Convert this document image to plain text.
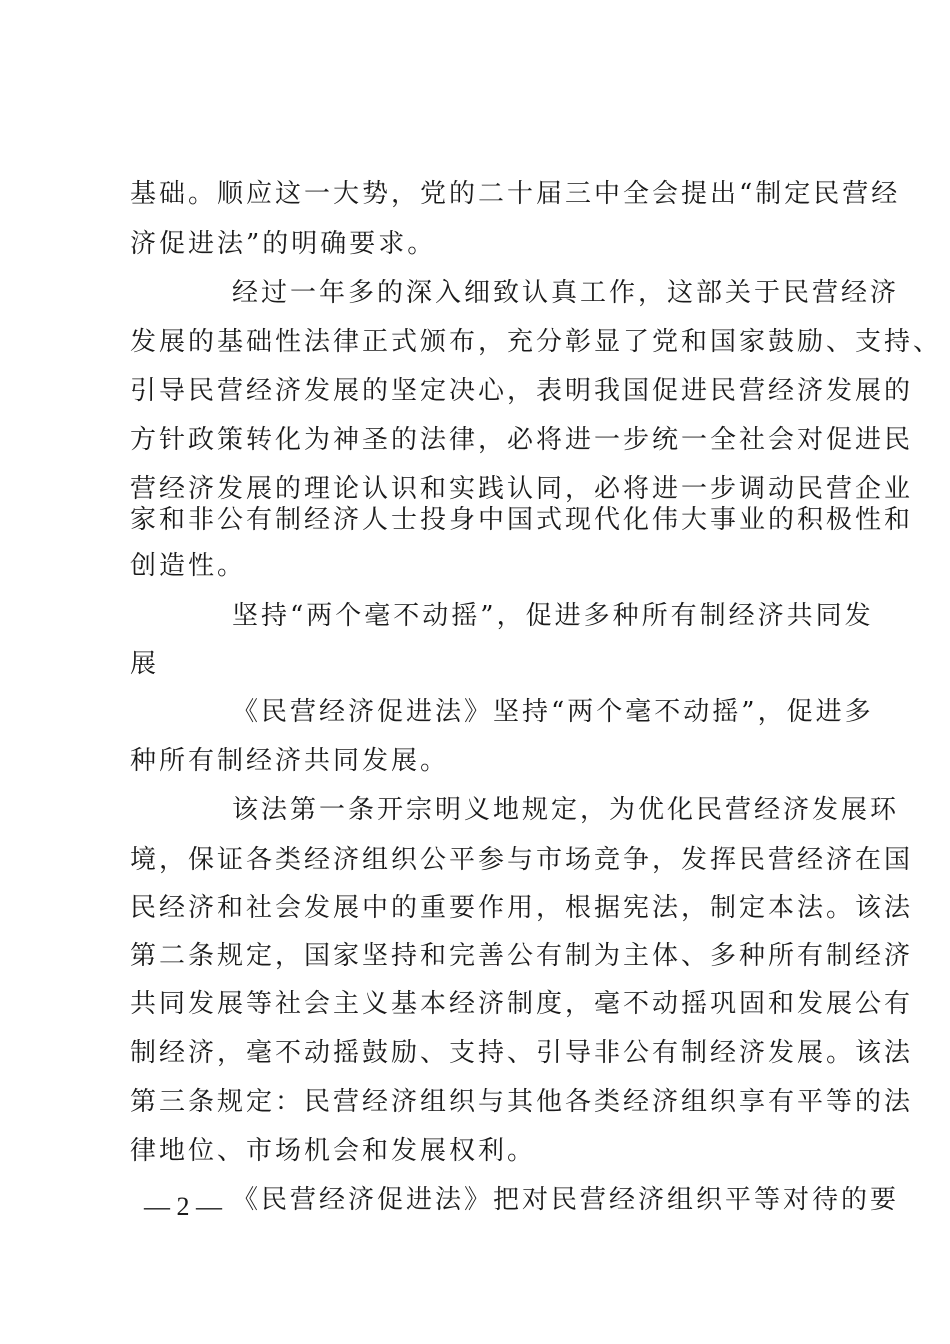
基础。顺应这一大势，党的二十届三中全会提出“制定民营经
济促进法”的明确要求。
经过一年多的深入细致认真工作，这部关于民营经济
发展的基础性法律正式颁布，充分彰显了党和国家鼓励、支持、
引导民营经济发展的坚定决心，表明我国促进民营经济发展的
方针政策转化为神圣的法律，必将进一步统一全社会对促进民
营经济发展的理论认识和实践认同，必将进一步调动民营企业
家和非公有制经济人士投身中国式现代化伟大事业的积极性和
创造性。
坚持“两个毫不动摇”，促进多种所有制经济共同发
展
《民营经济促进法》坚持“两个毫不动摇”，促进多
种所有制经济共同发展。
该法第一条开宗明义地规定，为优化民营经济发展环
境，保证各类经济组织公平参与市场竞争，发挥民营经济在国
民经济和社会发展中的重要作用，根据宪法，制定本法。该法
第二条规定，国家坚持和完善公有制为主体、多种所有制经济
共同发展等社会主义基本经济制度，毫不动摇巩固和发展公有
制经济，毫不动摇鼓励、支持、引导非公有制经济发展。该法
第三条规定：民营经济组织与其他各类经济组织享有平等的法
律地位、市场机会和发展权利。
《民营经济促进法》把对民营经济组织平等对待的要
— 2 —
